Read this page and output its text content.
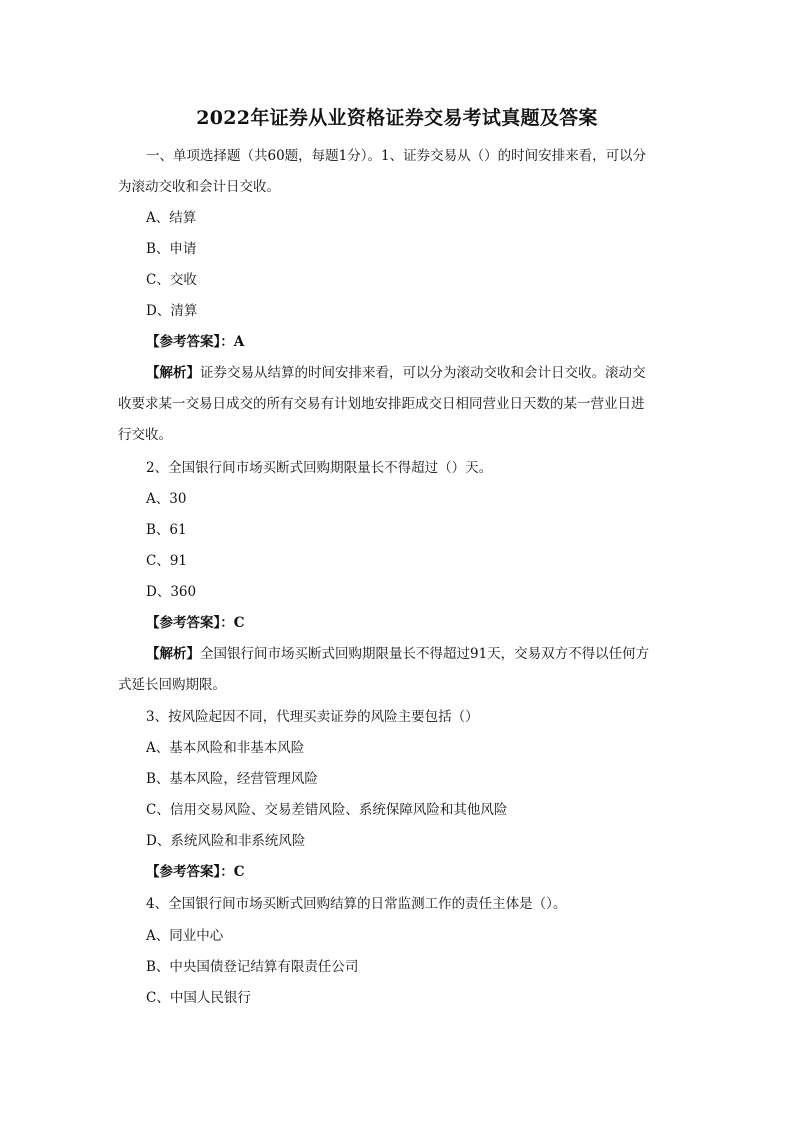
2022年证券从业资格证券交易考试真题及答案
一、单项选择题（共60题，每题1分）。1、证券交易从（）的时间安排来看，可以分
为滚动交收和会计日交收。
A、结算
B、申请
C、交收
D、清算
【参考答案】：A
【解析】证券交易从结算的时间安排来看，可以分为滚动交收和会计日交收。滚动交
收要求某一交易日成交的所有交易有计划地安排距成交日相同营业日天数的某一营业日进
行交收。
2、全国银行间市场买断式回购期限量长不得超过（）天。
A、30
B、61
C、91
D、360
【参考答案】：C
【解析】全国银行间市场买断式回购期限量长不得超过91天，交易双方不得以任何方
式延长回购期限。
3、按风险起因不同，代理买卖证券的风险主要包括（）
A、基本风险和非基本风险
B、基本风险，经营管理风险
C、信用交易风险、交易差错风险、系统保障风险和其他风险
D、系统风险和非系统风险
【参考答案】：C
4、全国银行间市场买断式回购结算的日常监测工作的责任主体是（）。
A、同业中心
B、中央国债登记结算有限责任公司
C、中国人民银行
